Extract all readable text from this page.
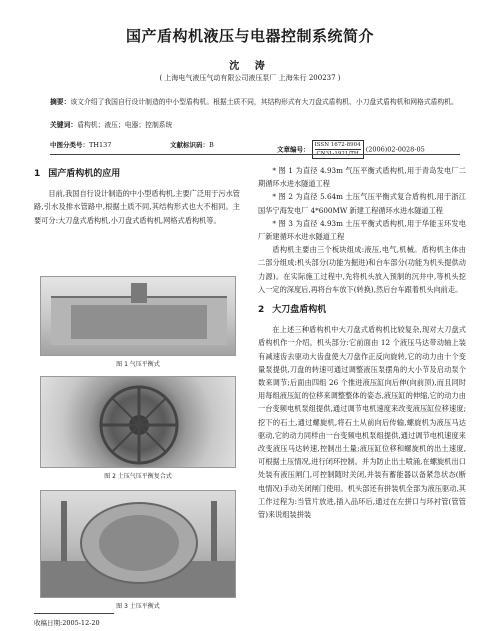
国产盾构机液压与电器控制系统简介
沈 涛
( 上海电气液压气动有限公司液压泵厂 上海朱行 200237 )
摘要：该文介绍了我国自行设计制造的中小型盾构机。根据土质不同，其结构形式有大刀盘式盾构机、小刀盘式盾构机和网格式盾构机。
关键词：盾构机；液压；电器；控制系统
中图分类号：TH137	文献标识码：B
文章编号：
ISSN 1672-8904
CN31-1921/TH
(2006)02-0028-05
1 国产盾构机的应用
目前,我国自行设计制造的中小型盾构机,主要广泛用于污水管路,引水及排水管路中,根据土质不同,其结构形式也大不相同。主要可分:大刀盘式盾构机,小刀盘式盾构机,网格式盾构机等。
图 1 气压平衡式
图 2 土压气压平衡复合式
图 3 土压平衡式
收稿日期:2005-12-20
* 图 1 为直径 4.93m 气压平衡式盾构机,用于青岛发电厂二期循环水进水隧道工程
* 图 2 为直径 5.64m 土压气压平衡式复合盾构机,用于浙江国华宁海发电厂 4*600MW 新建工程循环水进水隧道工程
* 图 3 为直径 4.93m 土压平衡式盾构机,用于华能玉环发电厂新建循环水进水隧道工程
盾构机主要由三个板块组成:液压,电气,机械。盾构机主体由二部分组成:机头部分(功能为掘进)和台车部分(功能为机头提供动力源)。在实际施工过程中,先将机头放入预制的沉井中,等机头挖入一定的深度后,再将台车放下(转换),然后台车跟着机头向前走。
2 大刀盘盾构机
在上述三种盾构机中大刀盘式盾构机比较复杂,现对大刀盘式盾构机作一介绍。机头部分:它前面由 12 个液压马达带动轴上装有减速齿去驱动大齿盘使大刀盘作正反向旋转,它的动力由十个变量泵提供,刀盘的转速可通过调整液压泵摆角的大小节及启动泵个数来调节;后面由四组 26 个推进液压缸向后伸(向前顶),而且同时用每组液压缸的位移来调整整体的姿态,液压缸的伸缩,它的动力由一台变频电机泵组提供,通过调节电机速度来改变液压缸位移速度;挖下的石土,通过螺旋机,将石土从前向后传输,螺旋机为液压马达驱动,它的动力同样由一台变频电机泵组提供,通过调节电机速度来改变液压马达转速,控制出土量;液压缸位移和螺旋机的出土速度,可根据土压情况,进行闭环控制。并为防止出土喷涌,在螺旋机出口处装有液压闸门,可控制随时关闭,并装有蓄能器以备紧急状态(断电情况)手动关闭闸门使用。机头部还有拼装机全部为液压驱动,其工作过程为:当管片放进,插入品环后,通过在左拼口与环衬管(管管管)来说组装拼装
